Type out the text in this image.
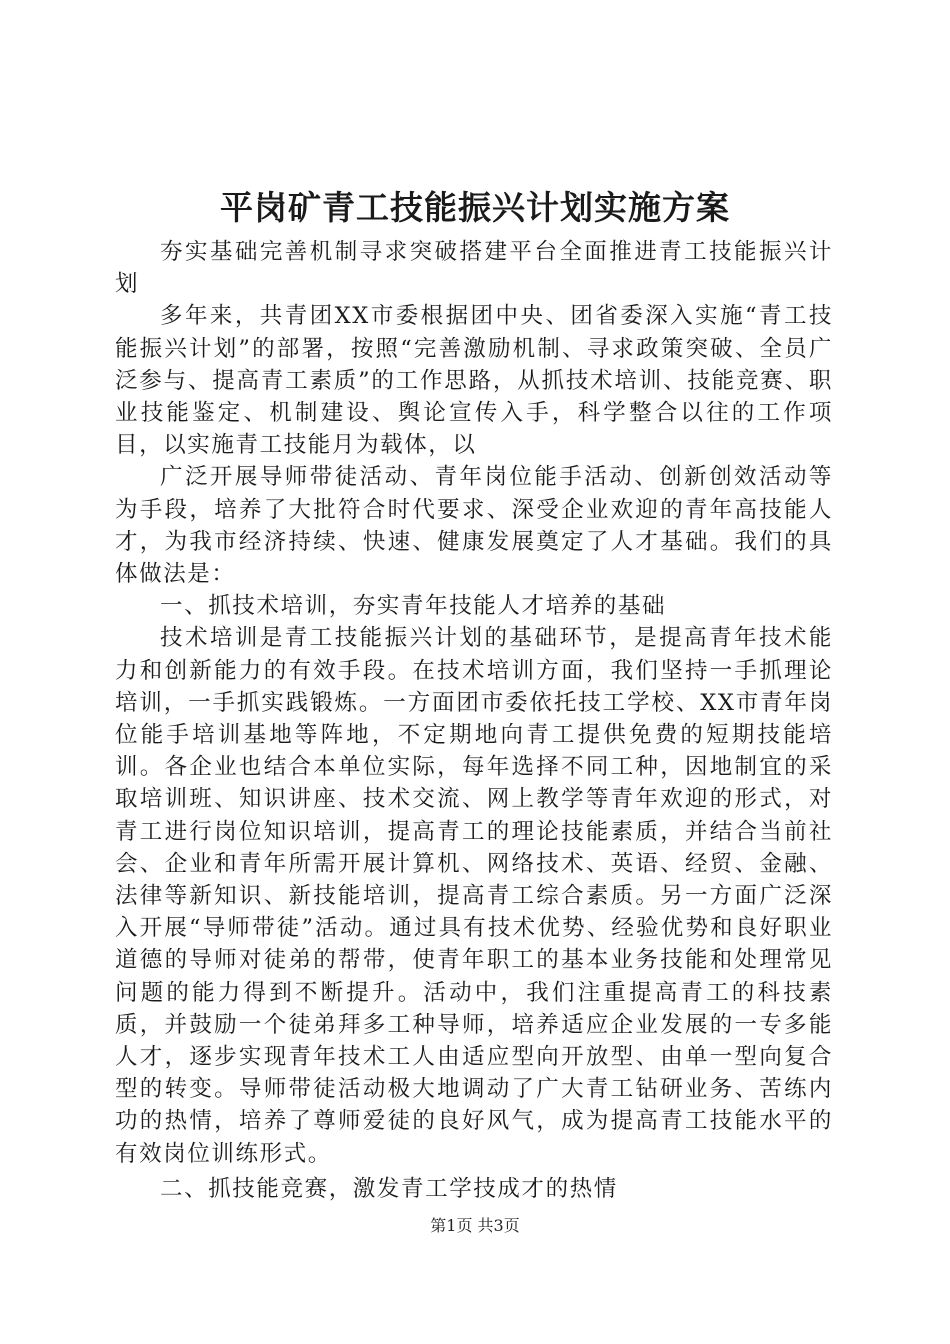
平岗矿青工技能振兴计划实施方案

夯实基础完善机制寻求突破搭建平台全面推进青工技能振兴计划

多年来，共青团XX市委根据团中央、团省委深入实施“青工技能振兴计划”的部署，按照“完善激励机制、寻求政策突破、全员广泛参与、提高青工素质”的工作思路，从抓技术培训、技能竞赛、职业技能鉴定、机制建设、舆论宣传入手，科学整合以往的工作项目，以实施青工技能月为载体，以

广泛开展导师带徒活动、青年岗位能手活动、创新创效活动等为手段，培养了大批符合时代要求、深受企业欢迎的青年高技能人才，为我市经济持续、快速、健康发展奠定了人才基础。我们的具体做法是：

一、抓技术培训，夯实青年技能人才培养的基础

技术培训是青工技能振兴计划的基础环节，是提高青年技术能力和创新能力的有效手段。在技术培训方面，我们坚持一手抓理论培训，一手抓实践锻炼。一方面团市委依托技工学校、XX市青年岗位能手培训基地等阵地，不定期地向青工提供免费的短期技能培训。各企业也结合本单位实际，每年选择不同工种，因地制宜的采取培训班、知识讲座、技术交流、网上教学等青年欢迎的形式，对青工进行岗位知识培训，提高青工的理论技能素质，并结合当前社会、企业和青年所需开展计算机、网络技术、英语、经贸、金融、法律等新知识、新技能培训，提高青工综合素质。另一方面广泛深入开展“导师带徒”活动。通过具有技术优势、经验优势和良好职业道德的导师对徒弟的帮带，使青年职工的基本业务技能和处理常见问题的能力得到不断提升。活动中，我们注重提高青工的科技素质，并鼓励一个徒弟拜多工种导师，培养适应企业发展的一专多能人才，逐步实现青年技术工人由适应型向开放型、由单一型向复合型的转变。导师带徒活动极大地调动了广大青工钻研业务、苦练内功的热情，培养了尊师爱徒的良好风气，成为提高青工技能水平的有效岗位训练形式。

二、抓技能竞赛，激发青工学技成才的热情

第1页 共3页
